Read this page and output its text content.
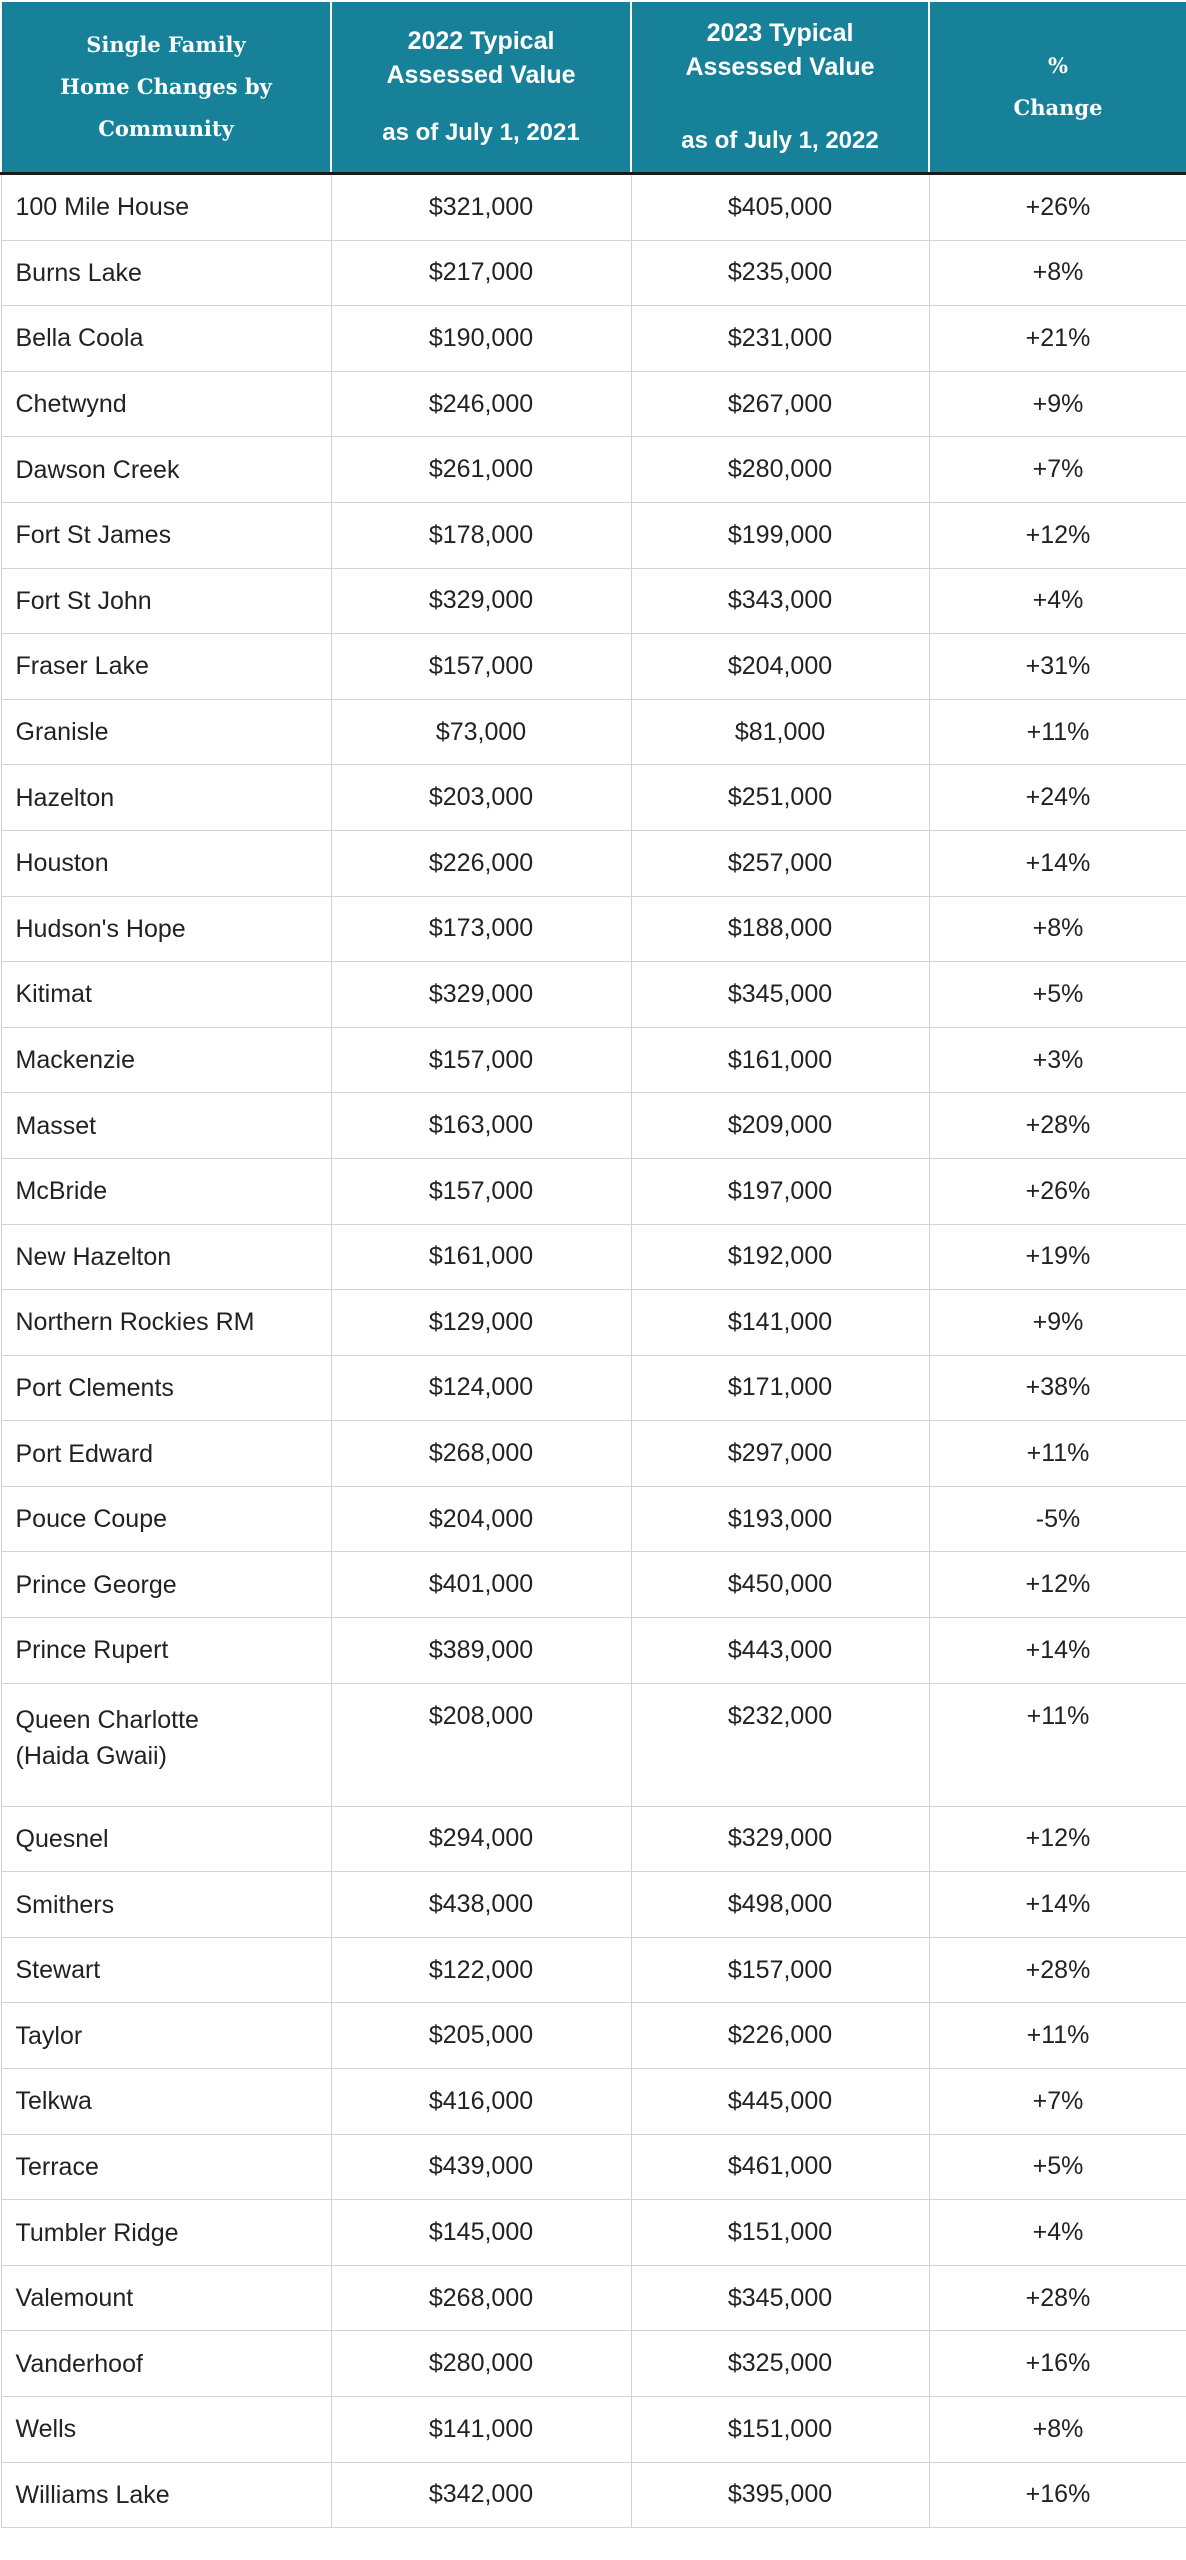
Single Family
Home Changes by
Community	2022 Typical
Assessed Value
as of July 1, 2021	2023 Typical
Assessed Value
as of July 1, 2022	%
Change

100 Mile House	$321,000	$405,000	+26%

Burns Lake	$217,000	$235,000	+8%

Bella Coola	$190,000	$231,000	+21%

Chetwynd	$246,000	$267,000	+9%

Dawson Creek	$261,000	$280,000	+7%

Fort St James	$178,000	$199,000	+12%

Fort St John	$329,000	$343,000	+4%

Fraser Lake	$157,000	$204,000	+31%

Granisle	$73,000	$81,000	+11%

Hazelton	$203,000	$251,000	+24%

Houston	$226,000	$257,000	+14%

Hudson's Hope	$173,000	$188,000	+8%

Kitimat	$329,000	$345,000	+5%

Mackenzie	$157,000	$161,000	+3%

Masset	$163,000	$209,000	+28%

McBride	$157,000	$197,000	+26%

New Hazelton	$161,000	$192,000	+19%

Northern Rockies RM	$129,000	$141,000	+9%

Port Clements	$124,000	$171,000	+38%

Port Edward	$268,000	$297,000	+11%

Pouce Coupe	$204,000	$193,000	-5%

Prince George	$401,000	$450,000	+12%

Prince Rupert	$389,000	$443,000	+14%

Queen Charlotte
(Haida Gwaii)	$208,000	$232,000	+11%

Quesnel	$294,000	$329,000	+12%

Smithers	$438,000	$498,000	+14%

Stewart	$122,000	$157,000	+28%

Taylor	$205,000	$226,000	+11%

Telkwa	$416,000	$445,000	+7%

Terrace	$439,000	$461,000	+5%

Tumbler Ridge	$145,000	$151,000	+4%

Valemount	$268,000	$345,000	+28%

Vanderhoof	$280,000	$325,000	+16%

Wells	$141,000	$151,000	+8%

Williams Lake	$342,000	$395,000	+16%
